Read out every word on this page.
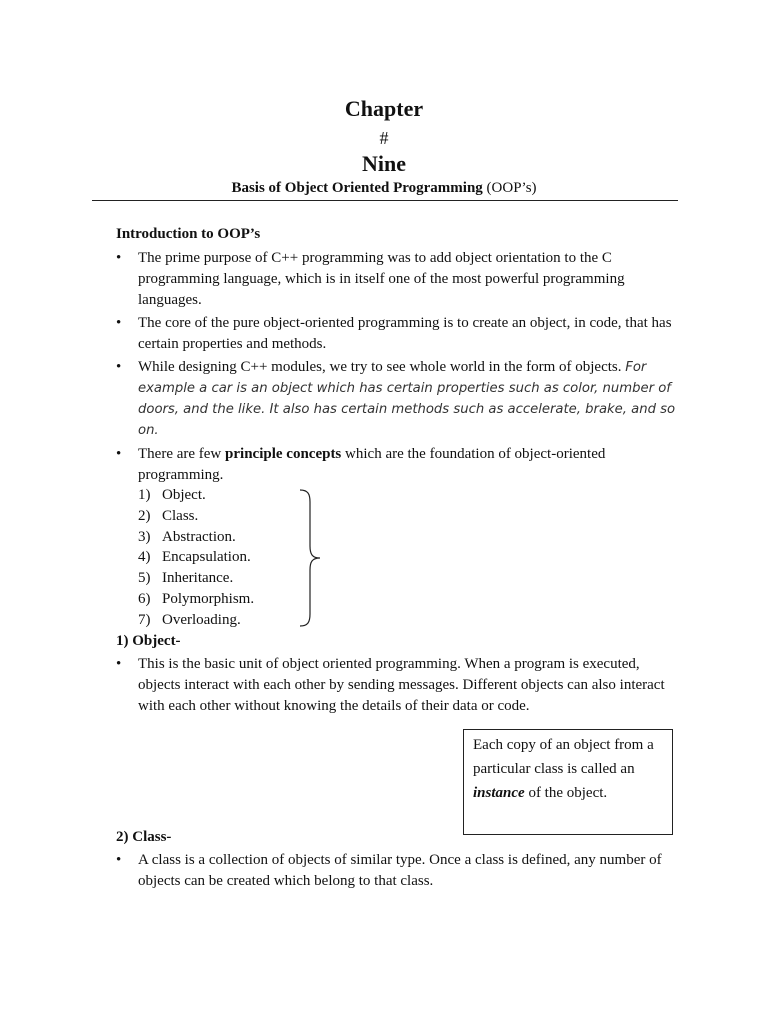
Chapter
#
Nine
Basis of Object Oriented Programming (OOP’s)
Introduction to OOP’s
•	The prime purpose of C++ programming was to add object orientation to the C programming language, which is in itself one of the most powerful programming languages.
•	The core of the pure object-oriented programming is to create an object, in code, that has certain properties and methods.
•	While designing C++ modules, we try to see whole world in the form of objects. For example a car is an object which has certain properties such as color, number of doors, and the like. It also has certain methods such as accelerate, brake, and so on.
•	There are few principle concepts which are the foundation of object-oriented programming.
1) Object.
2) Class.
3) Abstraction.
4) Encapsulation.
5) Inheritance.
6) Polymorphism.
7) Overloading.
1) Object-
•	This is the basic unit of object oriented programming. When a program is executed, objects interact with each other by sending messages. Different objects can also interact with each other without knowing the details of their data or code.
Each copy of an object from a particular class is called an instance of the object.
2) Class-
•	A class is a collection of objects of similar type. Once a class is defined, any number of objects can be created which belong to that class.
